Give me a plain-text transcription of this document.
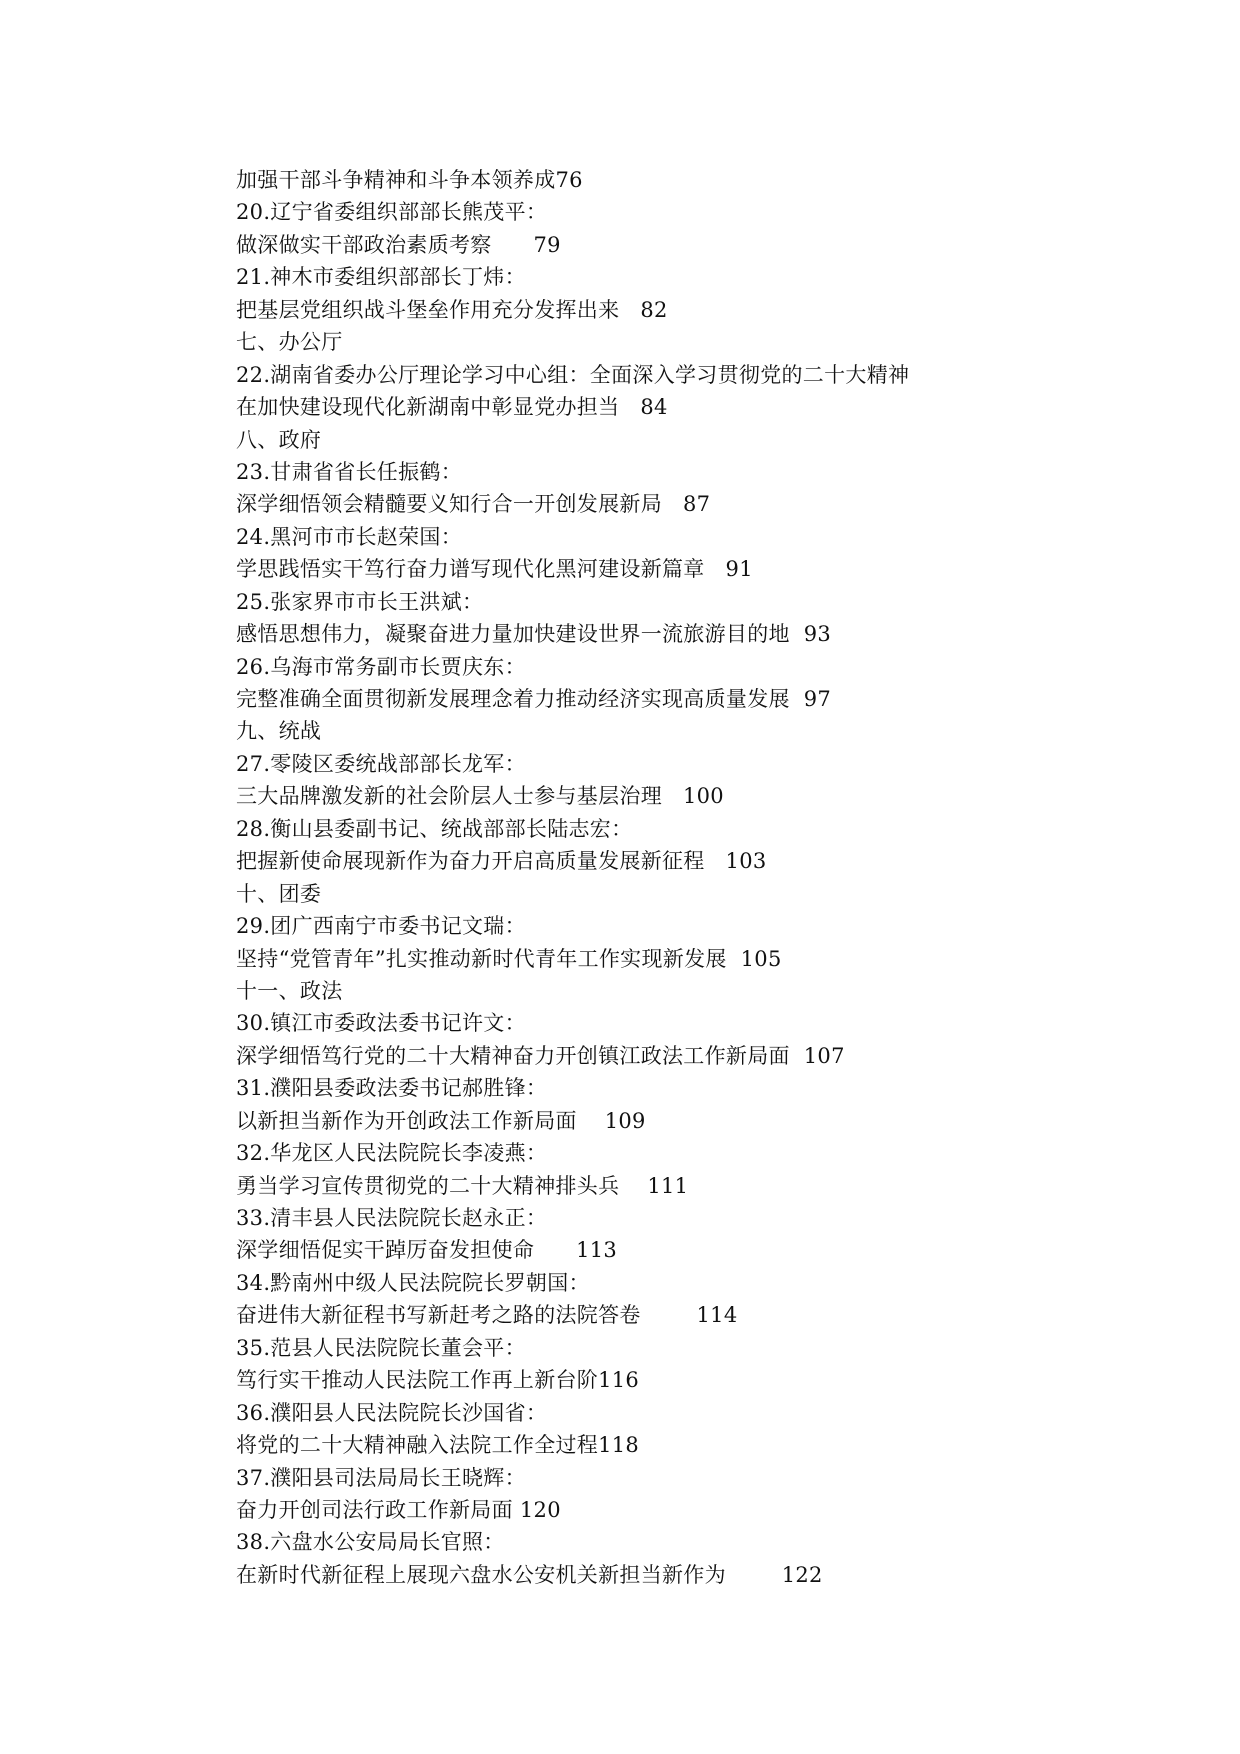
加强干部斗争精神和斗争本领养成76
20.辽宁省委组织部部长熊茂平：
做深做实干部政治素质考察 79
21.神木市委组织部部长丁炜：
把基层党组织战斗堡垒作用充分发挥出来 82
七、办公厅
22.湖南省委办公厅理论学习中心组：全面深入学习贯彻党的二十大精神
在加快建设现代化新湖南中彰显党办担当 84
八、政府
23.甘肃省省长任振鹤：
深学细悟领会精髓要义知行合一开创发展新局 87
24.黑河市市长赵荣国：
学思践悟实干笃行奋力谱写现代化黑河建设新篇章 91
25.张家界市市长王洪斌：
感悟思想伟力，凝聚奋进力量加快建设世界一流旅游目的地 93
26.乌海市常务副市长贾庆东：
完整准确全面贯彻新发展理念着力推动经济实现高质量发展 97
九、统战
27.零陵区委统战部部长龙军：
三大品牌激发新的社会阶层人士参与基层治理 100
28.衡山县委副书记、统战部部长陆志宏：
把握新使命展现新作为奋力开启高质量发展新征程 103
十、团委
29.团广西南宁市委书记文瑞：
坚持“党管青年”扎实推动新时代青年工作实现新发展 105
十一、政法
30.镇江市委政法委书记许文：
深学细悟笃行党的二十大精神奋力开创镇江政法工作新局面 107
31.濮阳县委政法委书记郝胜锋：
以新担当新作为开创政法工作新局面 109
32.华龙区人民法院院长李凌燕：
勇当学习宣传贯彻党的二十大精神排头兵 111
33.清丰县人民法院院长赵永正：
深学细悟促实干踔厉奋发担使命 113
34.黔南州中级人民法院院长罗朝国：
奋进伟大新征程书写新赶考之路的法院答卷	114
35.范县人民法院院长董会平：
笃行实干推动人民法院工作再上新台阶116
36.濮阳县人民法院院长沙国省：
将党的二十大精神融入法院工作全过程118
37.濮阳县司法局局长王晓辉：
奋力开创司法行政工作新局面 120
38.六盘水公安局局长官照：
在新时代新征程上展现六盘水公安机关新担当新作为	122
